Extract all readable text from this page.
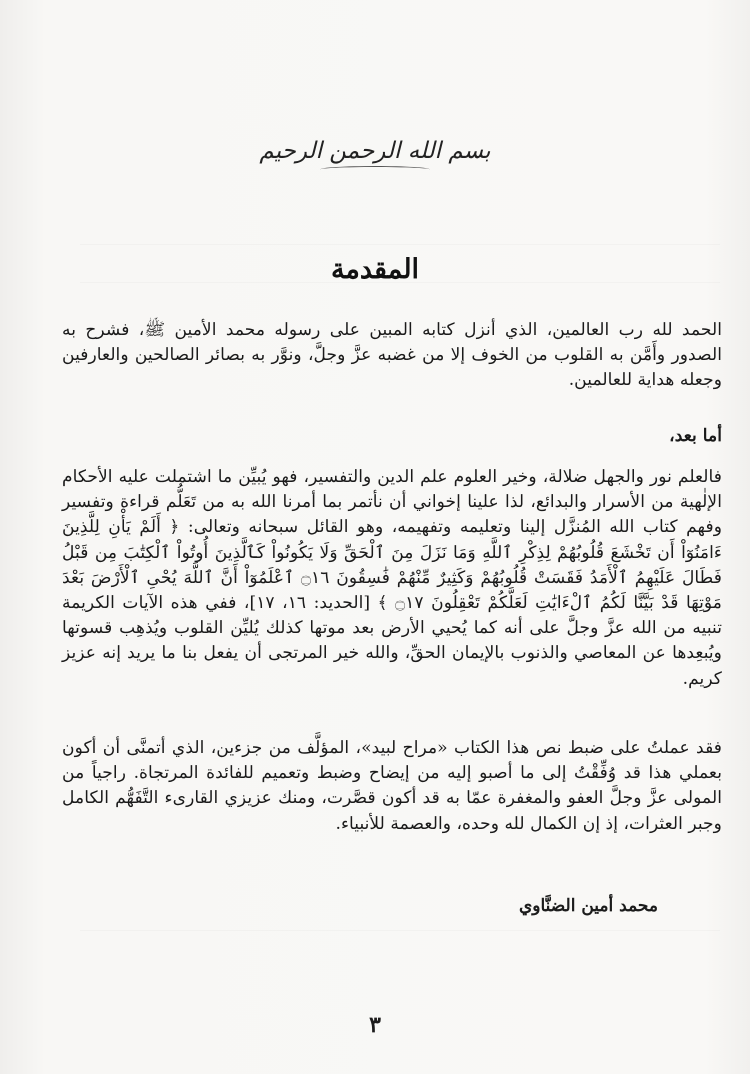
بسم الله الرحمن الرحيم
المقدمة

الحمد لله رب العالمين، الذي أنزل كتابه المبين على رسوله محمد الأمين ﷺ، فشرح به الصدور وأَمَّن به القلوب من الخوف إلا من غضبه عزَّ وجلَّ، ونوَّر به بصائر الصالحين والعارفين وجعله هداية للعالمين.

أما بعد،

فالعلم نور والجهل ضلالة، وخير العلوم علم الدين والتفسير، فهو يُبيِّن ما اشتملت عليه الأحكام الإلٰهية من الأسرار والبدائع، لذا علينا إخواني أن نأتمر بما أمرنا الله به من تَعَلُّم قراءة وتفسير وفهم كتاب الله المُنزَّل إلينا وتعليمه وتفهيمه، وهو القائل سبحانه وتعالى: ﴿ أَلَمْ يَأْنِ لِلَّذِينَ ءَامَنُوٓاْ أَن تَخْشَعَ قُلُوبُهُمْ لِذِكْرِ ٱللَّهِ وَمَا نَزَلَ مِنَ ٱلْحَقِّ وَلَا يَكُونُواْ كَٱلَّذِينَ أُوتُواْ ٱلْكِتَٰبَ مِن قَبْلُ فَطَالَ عَلَيْهِمُ ٱلْأَمَدُ فَقَسَتْ قُلُوبُهُمْ وَكَثِيرٌ مِّنْهُمْ فَٰسِقُونَ ۝١٦ ٱعْلَمُوٓاْ أَنَّ ٱللَّهَ يُحْىِ ٱلْأَرْضَ بَعْدَ مَوْتِهَا قَدْ بَيَّنَّا لَكُمُ ٱلْءَايَٰتِ لَعَلَّكُمْ تَعْقِلُونَ ۝١٧ ﴾ [الحديد: ١٦، ١٧]، ففي هذه الآيات الكريمة تنبيه من الله عزَّ وجلَّ على أنه كما يُحيي الأرض بعد موتها كذلك يُليِّن القلوب ويُذهِب قسوتها ويُبعِدها عن المعاصي والذنوب بالإيمان الحقِّ، والله خير المرتجى أن يفعل بنا ما يريد إنه عزيز كريم.

فقد عملتُ على ضبط نص هذا الكتاب «مراح لبيد»، المؤلَّف من جزءين، الذي أتمنَّى أن أكون بعملي هذا قد وُفِّقْتُ إلى ما أصبو إليه من إيضاح وضبط وتعميم للفائدة المرتجاة. راجياً من المولى عزَّ وجلَّ العفو والمغفرة عمّا به قد أكون قصَّرت، ومنك عزيزي القارىء التَّفَهُّم الكامل وجبر العثرات، إذ إن الكمال لله وحده، والعصمة للأنبياء.

محمد أمين الضنَّاوي
٣
